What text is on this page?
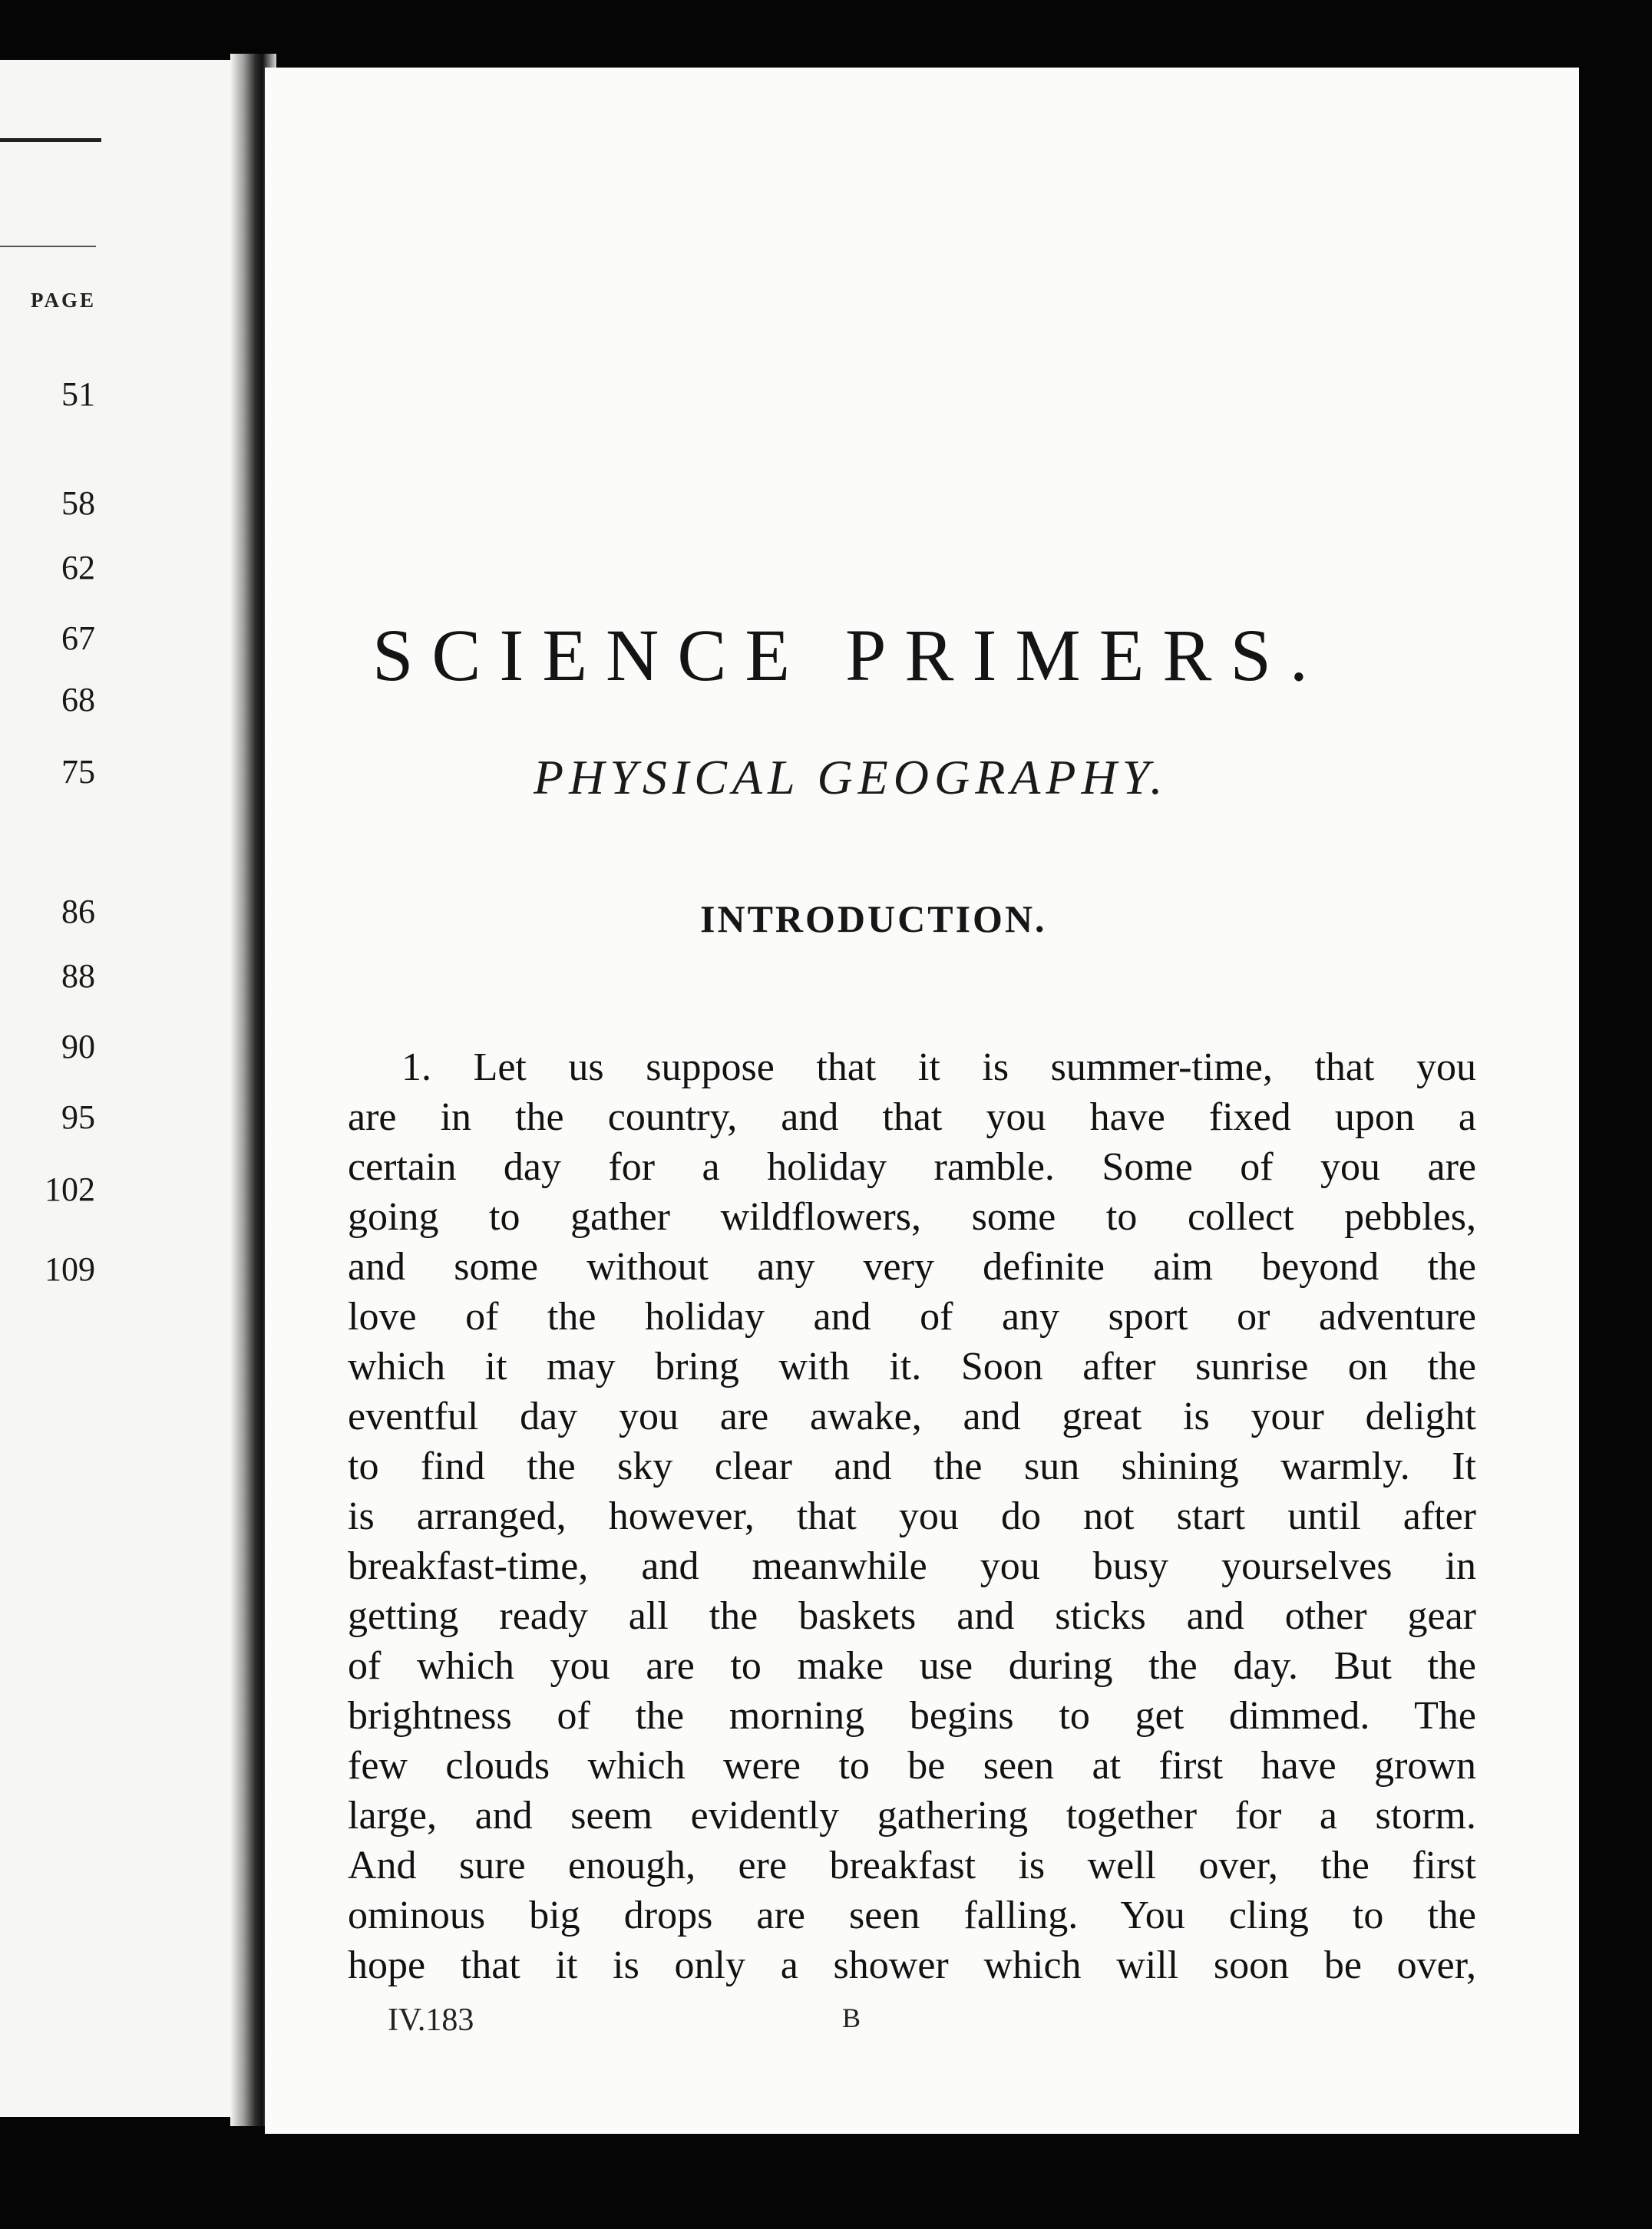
PAGE
51
58
62
67
68
75
86
88
90
95
102
109
SCIENCE PRIMERS.
PHYSICAL GEOGRAPHY.
INTRODUCTION.
1. Let us suppose that it is summer-time, that you
are in the country, and that you have fixed upon a
certain day for a holiday ramble. Some of you are
going to gather wildflowers, some to collect pebbles,
and some without any very definite aim beyond the
love of the holiday and of any sport or adventure
which it may bring with it. Soon after sunrise on the
eventful day you are awake, and great is your delight
to find the sky clear and the sun shining warmly. It
is arranged, however, that you do not start until after
breakfast-time, and meanwhile you busy yourselves in
getting ready all the baskets and sticks and other gear
of which you are to make use during the day. But the
brightness of the morning begins to get dimmed. The
few clouds which were to be seen at first have grown
large, and seem evidently gathering together for a storm.
And sure enough, ere breakfast is well over, the first
ominous big drops are seen falling. You cling to the
hope that it is only a shower which will soon be over,
IV.183	B
